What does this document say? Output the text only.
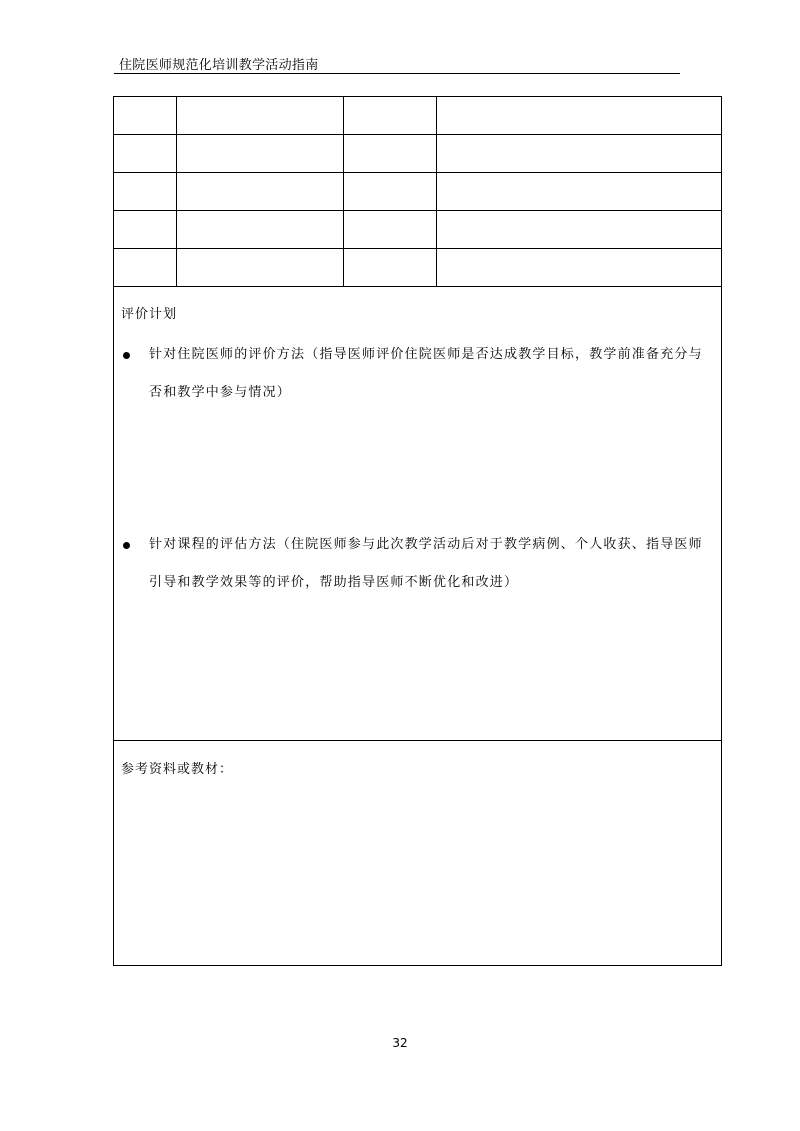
住院医师规范化培训教学活动指南
评价计划
针对住院医师的评价方法（指导医师评价住院医师是否达成教学目标，教学前准备充分与否和教学中参与情况）
针对课程的评估方法（住院医师参与此次教学活动后对于教学病例、个人收获、指导医师引导和教学效果等的评价，帮助指导医师不断优化和改进）
参考资料或教材：
32
